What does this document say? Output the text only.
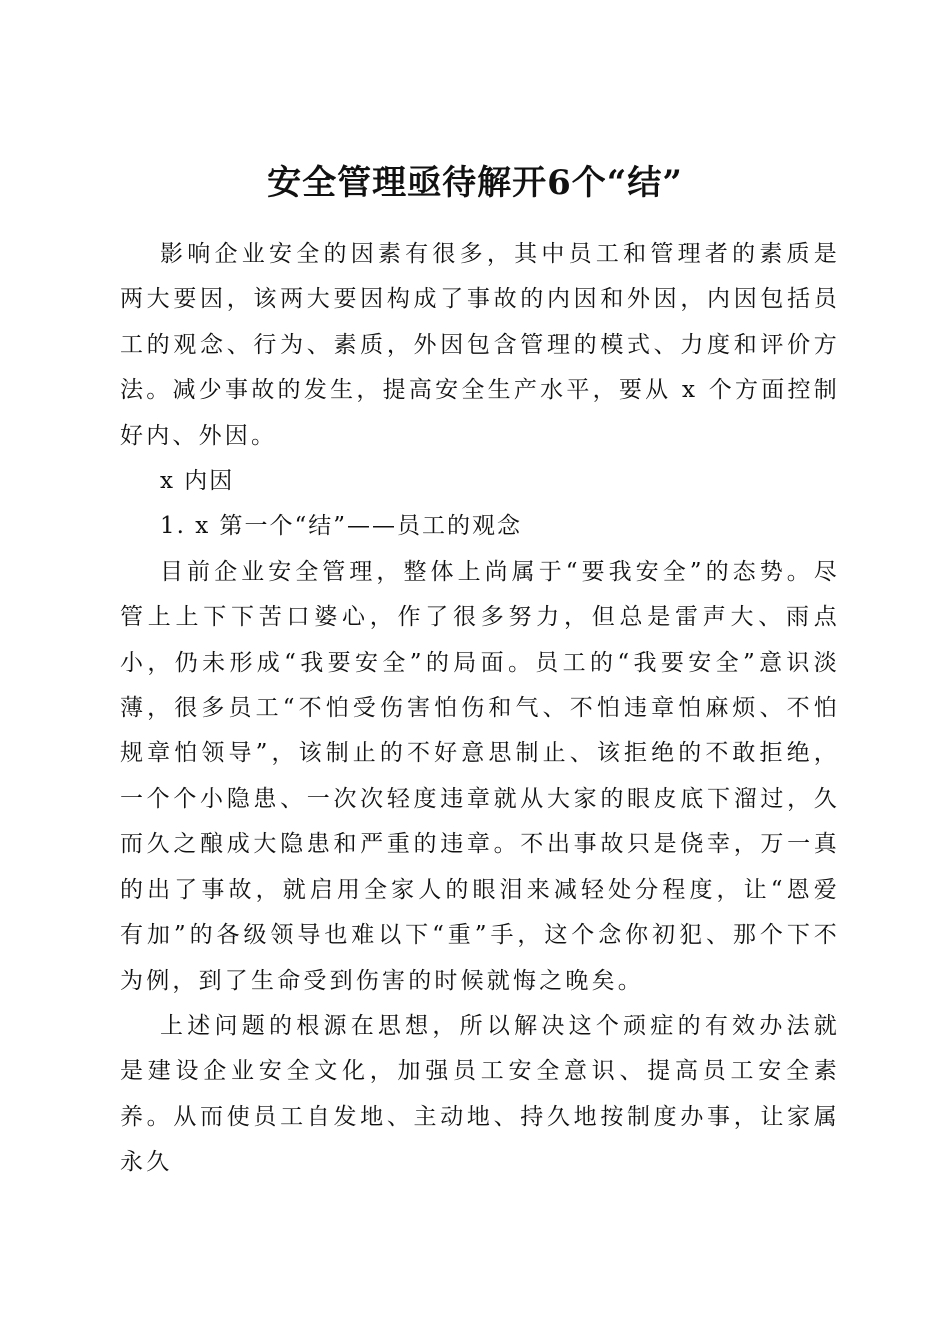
安全管理亟待解开6个“结”

影响企业安全的因素有很多，其中员工和管理者的素质是两大要因，该两大要因构成了事故的内因和外因，内因包括员工的观念、行为、素质，外因包含管理的模式、力度和评价方法。减少事故的发生，提高安全生产水平，要从 x 个方面控制好内、外因。

x 内因

1. x 第一个“结”——员工的观念

目前企业安全管理，整体上尚属于“要我安全”的态势。尽管上上下下苦口婆心，作了很多努力，但总是雷声大、雨点小，仍未形成“我要安全”的局面。员工的“我要安全”意识淡薄，很多员工“不怕受伤害怕伤和气、不怕违章怕麻烦、不怕规章怕领导”，该制止的不好意思制止、该拒绝的不敢拒绝，一个个小隐患、一次次轻度违章就从大家的眼皮底下溜过，久而久之酿成大隐患和严重的违章。不出事故只是侥幸，万一真的出了事故，就启用全家人的眼泪来减轻处分程度，让“恩爱有加”的各级领导也难以下“重”手，这个念你初犯、那个下不为例，到了生命受到伤害的时候就悔之晚矣。

上述问题的根源在思想，所以解决这个顽症的有效办法就是建设企业安全文化，加强员工安全意识、提高员工安全素养。从而使员工自发地、主动地、持久地按制度办事，让家属永久
